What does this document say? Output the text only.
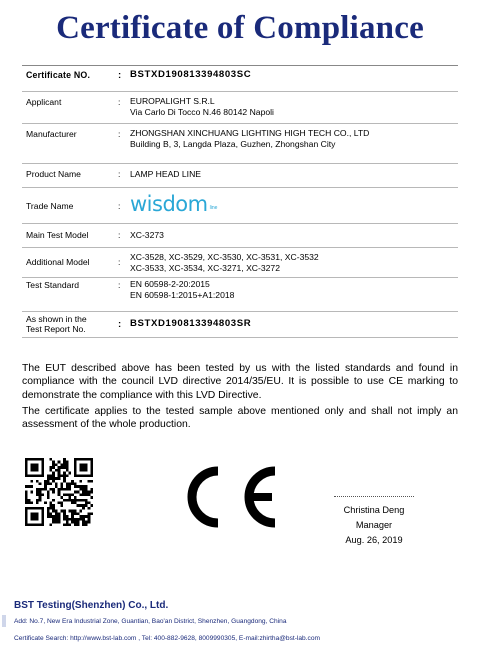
Certificate of Compliance
Certificate NO.	:	BSTXD190813394803SC
Applicant	:	EUROPALIGHT S.R.L
Via Carlo Di Tocco N.46 80142 Napoli

Manufacturer	:	ZHONGSHAN XINCHUANG LIGHTING HIGH TECH CO., LTD
Building B, 3, Langda Plaza, Guzhen, Zhongshan City

Product Name	:	LAMP HEAD LINE
Trade Name	:	wisdom line

Main Test Model	:	XC-3273
Additional Model	:	XC-3528, XC-3529, XC-3530, XC-3531, XC-3532
XC-3533, XC-3534, XC-3271, XC-3272

Test Standard	:	EN 60598-2-20:2015
EN 60598-1:2015+A1:2018

As shown in the
Test Report No.	:	BSTXD190813394803SR
The EUT described above has been tested by us with the listed standards and found in compliance with the council LVD directive 2014/35/EU. It is possible to use CE marking to demonstrate the compliance with this LVD Directive.
The certificate applies to the tested sample above mentioned only and shall not imply an assessment of the whole production.
Christina Deng
Manager
Aug. 26, 2019
BST Testing(Shenzhen) Co., Ltd.
Add: No.7, New Era Industrial Zone, Guantian, Bao'an District, Shenzhen, Guangdong, China
Certificate Search: http://www.bst-lab.com , Tel: 400-882-9628, 8009990305, E-mail:zhirtha@bst-lab.com
